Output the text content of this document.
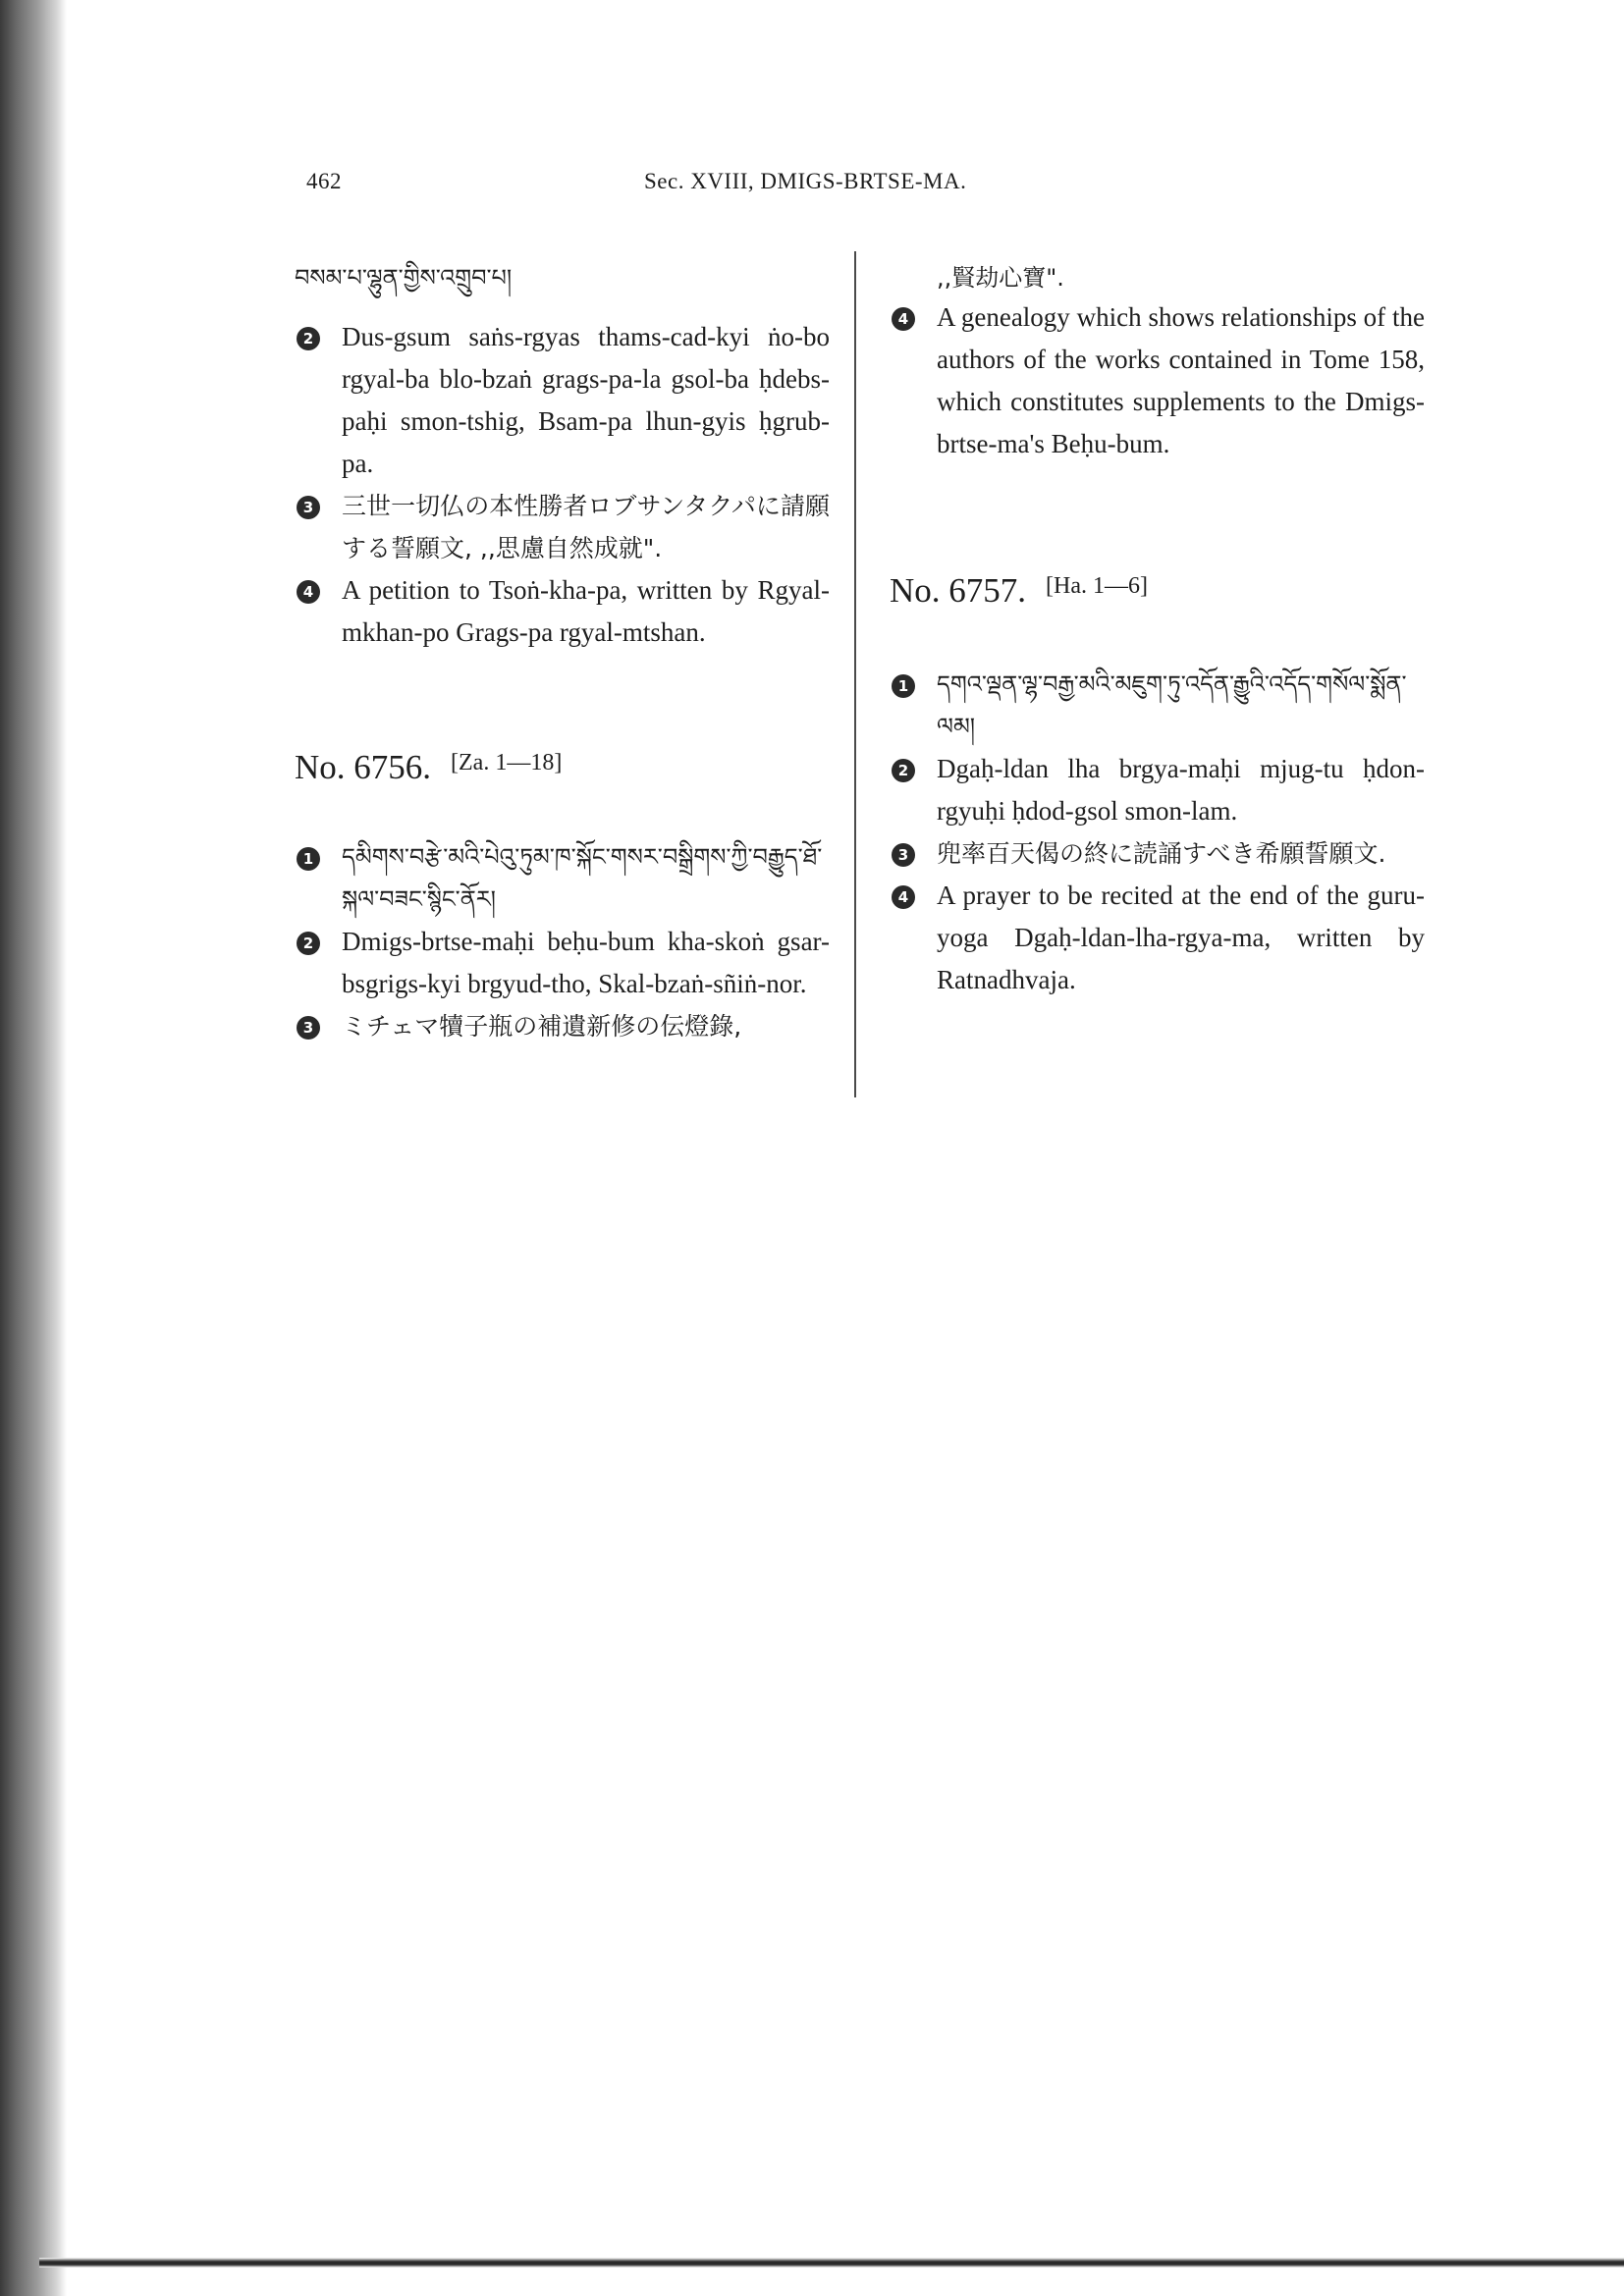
462	Sec. XVIII, DMIGS-BRTSE-MA.
བསམ་པ་ལྷུན་གྱིས་འགྲུབ་པ།
2 Dus-gsum saṅs-rgyas thams-cad-kyi ṅo-bo rgyal-ba blo-bzaṅ grags-pa-la gsol-ba ḥdebs-paḥi smon-tshig, Bsam-pa lhun-gyis ḥgrub-pa.
3 三世一切仏の本性勝者ロブサンタクパに請願する誓願文, ,,思慮自然成就".
4 A petition to Tsoṅ-kha-pa, written by Rgyal-mkhan-po Grags-pa rgyal-mtshan.
No. 6756. [Za. 1—18]
1 དམིགས་བརྩེ་མའི་པེའུ་ཏུམ་ཁ་སྐོང་གསར་བསྒྲིགས་ཀྱི་བརྒྱུད་ཐོ་སྐལ་བཟང་སྙིང་ནོར།
2 Dmigs-brtse-maḥi beḥu-bum kha-skoṅ gsar-bsgrigs-kyi brgyud-tho, Skal-bzaṅ-sñiṅ-nor.
3 ミチェマ犢子瓶の補遺新修の伝燈錄,
,,賢劫心寶".
4 A genealogy which shows relationships of the authors of the works contained in Tome 158, which constitutes supplements to the Dmigs-brtse-ma's Beḥu-bum.
No. 6757. [Ha. 1—6]
1 དགའ་ལྡན་ལྷ་བརྒྱ་མའི་མཇུག་ཏུ་འདོན་རྒྱུའི་འདོད་གསོལ་སྨོན་ལམ།
2 Dgaḥ-ldan lha brgya-maḥi mjug-tu ḥdon-rgyuḥi ḥdod-gsol smon-lam.
3 兜率百天偈の終に読誦すべき希願誓願文.
4 A prayer to be recited at the end of the guru-yoga Dgaḥ-ldan-lha-rgya-ma, written by Ratnadhvaja.
